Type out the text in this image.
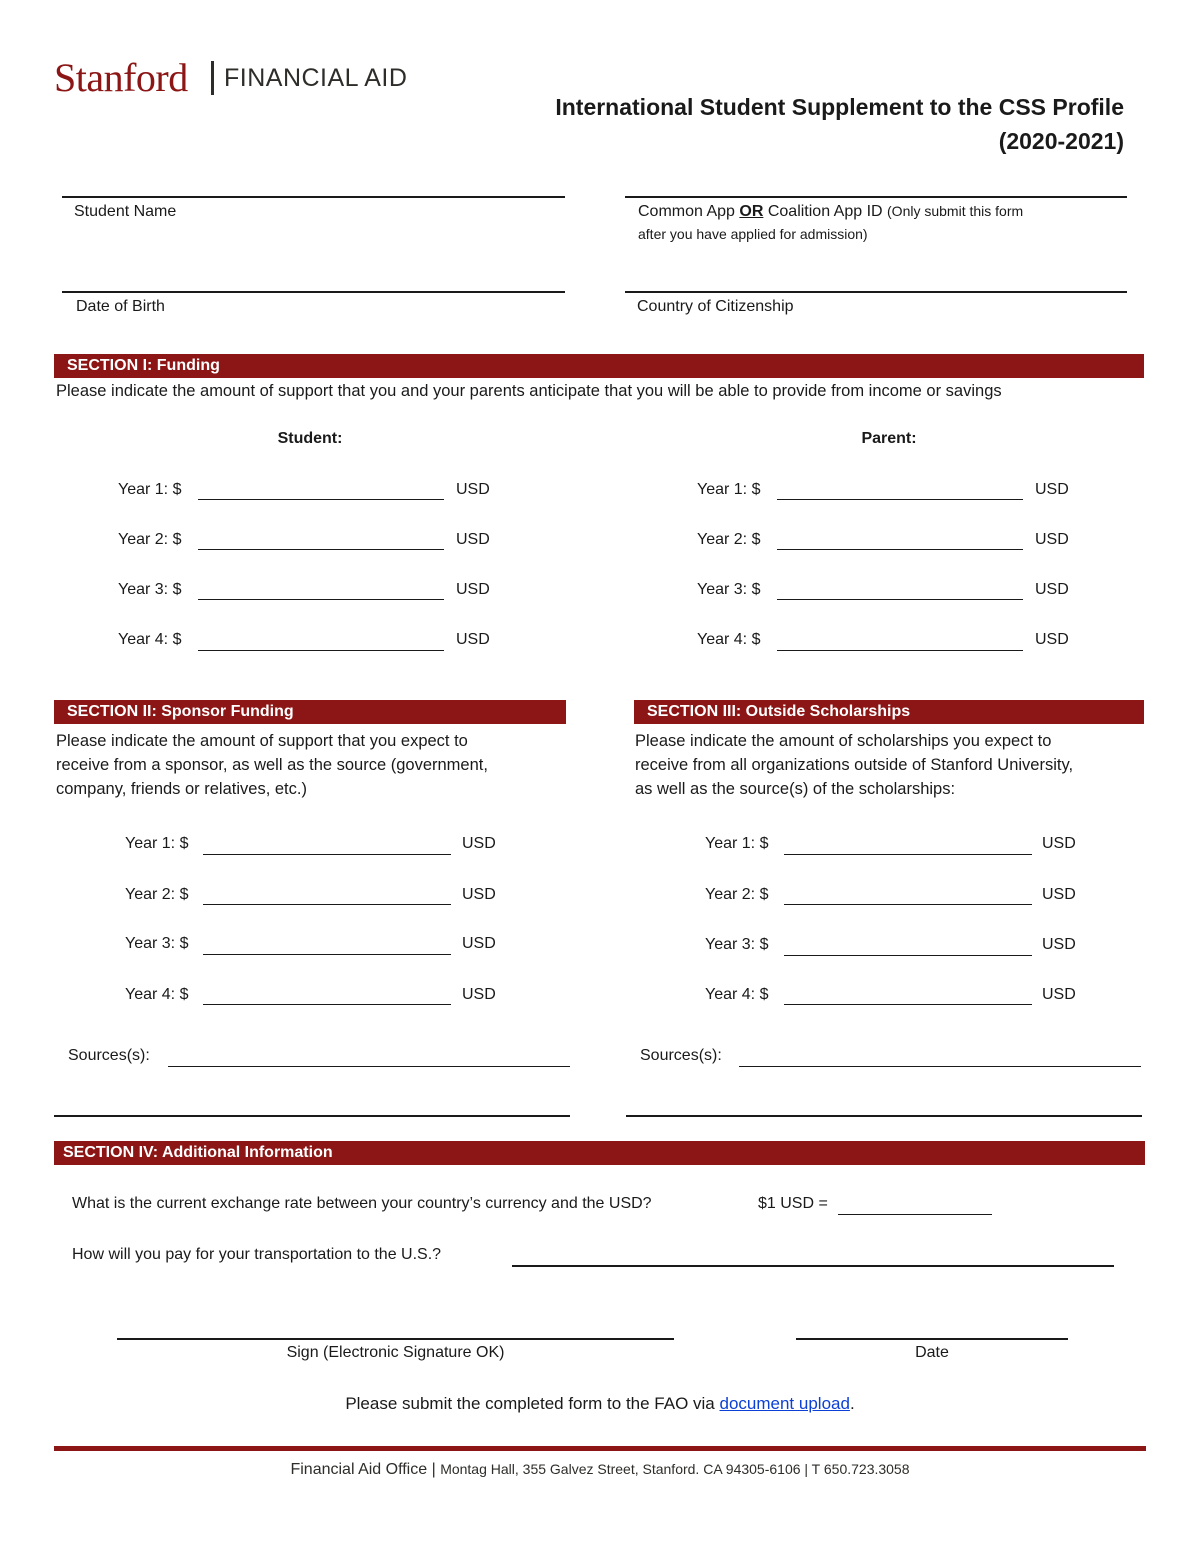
Stanford FINANCIAL AID
International Student Supplement to the CSS Profile
(2020-2021)
Student Name	Common App OR Coalition App ID (Only submit this form
after you have applied for admission)
Date of Birth	Country of Citizenship
SECTION I: Funding
Please indicate the amount of support that you and your parents anticipate that you will be able to provide from income or savings
Student:	Parent:
Year 1: $	USD
Year 2: $	USD
Year 3: $	USD
Year 4: $	USD
Year 1: $	USD
Year 2: $	USD
Year 3: $	USD
Year 4: $	USD
SECTION II: Sponsor Funding
Please indicate the amount of support that you expect to
receive from a sponsor, as well as the source (government,
company, friends or relatives, etc.)
Year 1: $	USD
Year 2: $	USD
Year 3: $	USD
Year 4: $	USD
Sources(s):
SECTION III: Outside Scholarships
Please indicate the amount of scholarships you expect to
receive from all organizations outside of Stanford University,
as well as the source(s) of the scholarships:
Year 1: $	USD
Year 2: $	USD
Year 3: $	USD
Year 4: $	USD
Sources(s):
SECTION IV: Additional Information
What is the current exchange rate between your country’s currency and the USD?	$1 USD =
How will you pay for your transportation to the U.S.?
Sign (Electronic Signature OK)	Date
Please submit the completed form to the FAO via document upload.
Financial Aid Office | Montag Hall, 355 Galvez Street, Stanford. CA 94305-6106 | T 650.723.3058
